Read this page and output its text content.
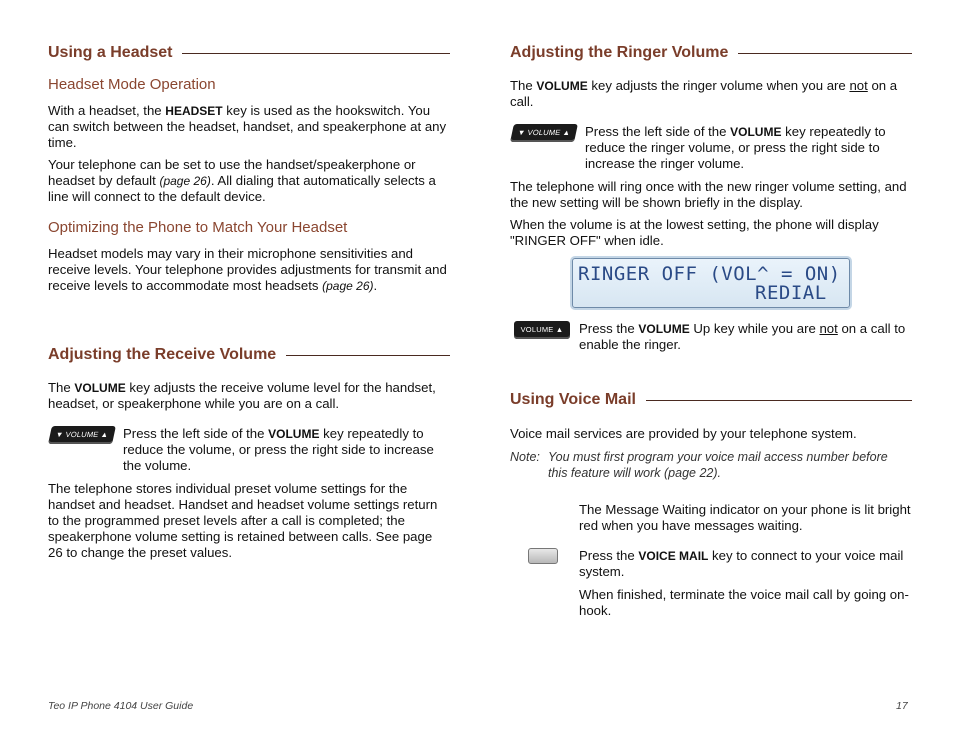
Using a Headset
Headset Mode Operation

With a headset, the HEADSET key is used as the hookswitch. You can switch between the headset, handset, and speakerphone at any time.

Your telephone can be set to use the handset/speakerphone or headset by default (page 26). All dialing that automatically selects a line will connect to the default device.

Optimizing the Phone to Match Your Headset

Headset models may vary in their microphone sensitivities and receive levels. Your telephone provides adjustments for transmit and receive levels to accommodate most headsets (page 26).

Adjusting the Receive Volume

The VOLUME key adjusts the receive volume level for the handset, headset, or speakerphone while you are on a call.

▼ VOLUME ▲	Press the left side of the VOLUME key repeatedly to reduce the volume, or press the right side to increase the volume.

The telephone stores individual preset volume settings for the handset and headset. Handset and headset volume settings return to the programmed preset levels after a call is completed; the speakerphone volume setting is retained between calls. See page 26 to change the preset values.

Adjusting the Ringer Volume

The VOLUME key adjusts the ringer volume when you are not on a call.

▼ VOLUME ▲	Press the left side of the VOLUME key repeatedly to reduce the ringer volume, or press the right side to increase the ringer volume.

The telephone will ring once with the new ringer volume setting, and the new setting will be shown briefly in the display.

When the volume is at the lowest setting, the phone will display "RINGER OFF" when idle.

RINGER OFF (VOL^ = ON)
REDIAL
VOLUME ▲	Press the VOLUME Up key while you are not on a call to enable the ringer.

Using Voice Mail

Voice mail services are provided by your telephone system.

Note: You must first program your voice mail access number before this feature will work (page 22).

The Message Waiting indicator on your phone is lit bright red when you have messages waiting.

Press the VOICE MAIL key to connect to your voice mail system.

When finished, terminate the voice mail call by going on-hook.

Teo IP Phone 4104 User Guide	17
